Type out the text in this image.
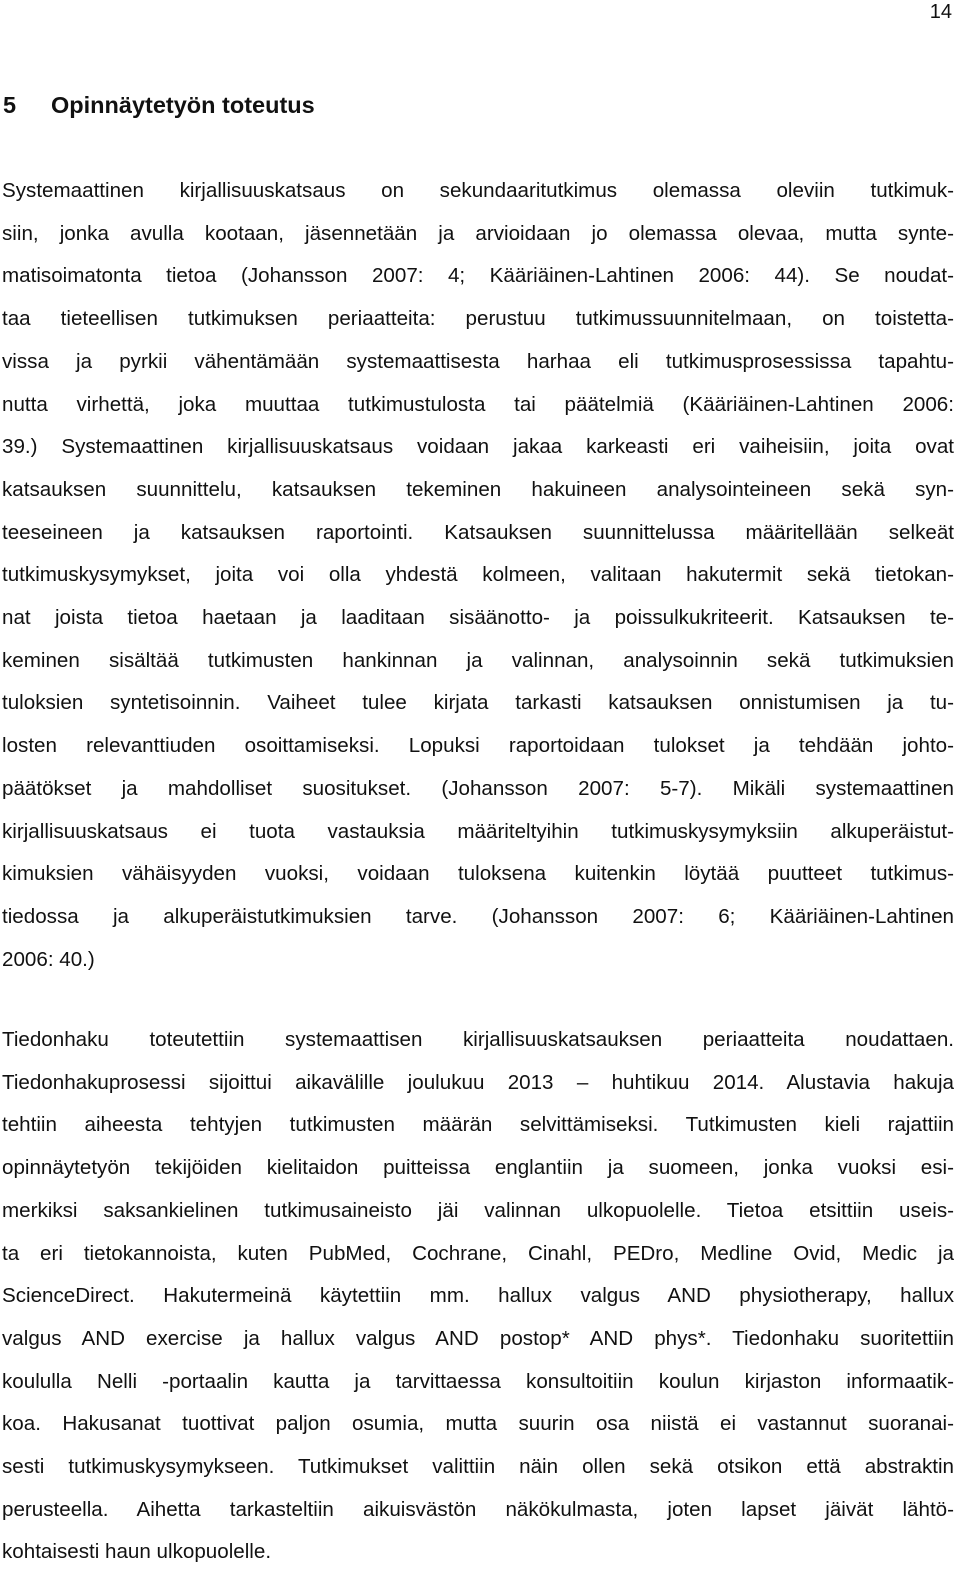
14
5 Opinnäytetyön toteutus
Systemaattinen kirjallisuuskatsaus on sekundaaritutkimus olemassa oleviin tutkimuk-
siin, jonka avulla kootaan, jäsennetään ja arvioidaan jo olemassa olevaa, mutta synte-
matisoimatonta tietoa (Johansson 2007: 4; Kääriäinen-Lahtinen 2006: 44). Se noudat-
taa tieteellisen tutkimuksen periaatteita: perustuu tutkimussuunnitelmaan, on toistetta-
vissa ja pyrkii vähentämään systemaattisesta harhaa eli tutkimusprosessissa tapahtu-
nutta virhettä, joka muuttaa tutkimustulosta tai päätelmiä (Kääriäinen-Lahtinen 2006:
39.) Systemaattinen kirjallisuuskatsaus voidaan jakaa karkeasti eri vaiheisiin, joita ovat
katsauksen suunnittelu, katsauksen tekeminen hakuineen analysointeineen sekä syn-
teeseineen ja katsauksen raportointi. Katsauksen suunnittelussa määritellään selkeät
tutkimuskysymykset, joita voi olla yhdestä kolmeen, valitaan hakutermit sekä tietokan-
nat joista tietoa haetaan ja laaditaan sisäänotto- ja poissulkukriteerit. Katsauksen te-
keminen sisältää tutkimusten hankinnan ja valinnan, analysoinnin sekä tutkimuksien
tuloksien syntetisoinnin. Vaiheet tulee kirjata tarkasti katsauksen onnistumisen ja tu-
losten relevanttiuden osoittamiseksi. Lopuksi raportoidaan tulokset ja tehdään johto-
päätökset ja mahdolliset suositukset. (Johansson 2007: 5-7). Mikäli systemaattinen
kirjallisuuskatsaus ei tuota vastauksia määriteltyihin tutkimuskysymyksiin alkuperäistut-
kimuksien vähäisyyden vuoksi, voidaan tuloksena kuitenkin löytää puutteet tutkimus-
tiedossa ja alkuperäistutkimuksien tarve. (Johansson 2007: 6; Kääriäinen-Lahtinen
2006: 40.)
Tiedonhaku toteutettiin systemaattisen kirjallisuuskatsauksen periaatteita noudattaen.
Tiedonhakuprosessi sijoittui aikavälille joulukuu 2013 – huhtikuu 2014. Alustavia hakuja
tehtiin aiheesta tehtyjen tutkimusten määrän selvittämiseksi. Tutkimusten kieli rajattiin
opinnäytetyön tekijöiden kielitaidon puitteissa englantiin ja suomeen, jonka vuoksi esi-
merkiksi saksankielinen tutkimusaineisto jäi valinnan ulkopuolelle. Tietoa etsittiin useis-
ta eri tietokannoista, kuten PubMed, Cochrane, Cinahl, PEDro, Medline Ovid, Medic ja
ScienceDirect. Hakutermeinä käytettiin mm. hallux valgus AND physiotherapy, hallux
valgus AND exercise ja hallux valgus AND postop* AND phys*. Tiedonhaku suoritettiin
koululla Nelli -portaalin kautta ja tarvittaessa konsultoitiin koulun kirjaston informaatik-
koa. Hakusanat tuottivat paljon osumia, mutta suurin osa niistä ei vastannut suoranai-
sesti tutkimuskysymykseen. Tutkimukset valittiin näin ollen sekä otsikon että abstraktin
perusteella. Aihetta tarkasteltiin aikuisvästön näkökulmasta, joten lapset jäivät lähtö-
kohtaisesti haun ulkopuolelle.
